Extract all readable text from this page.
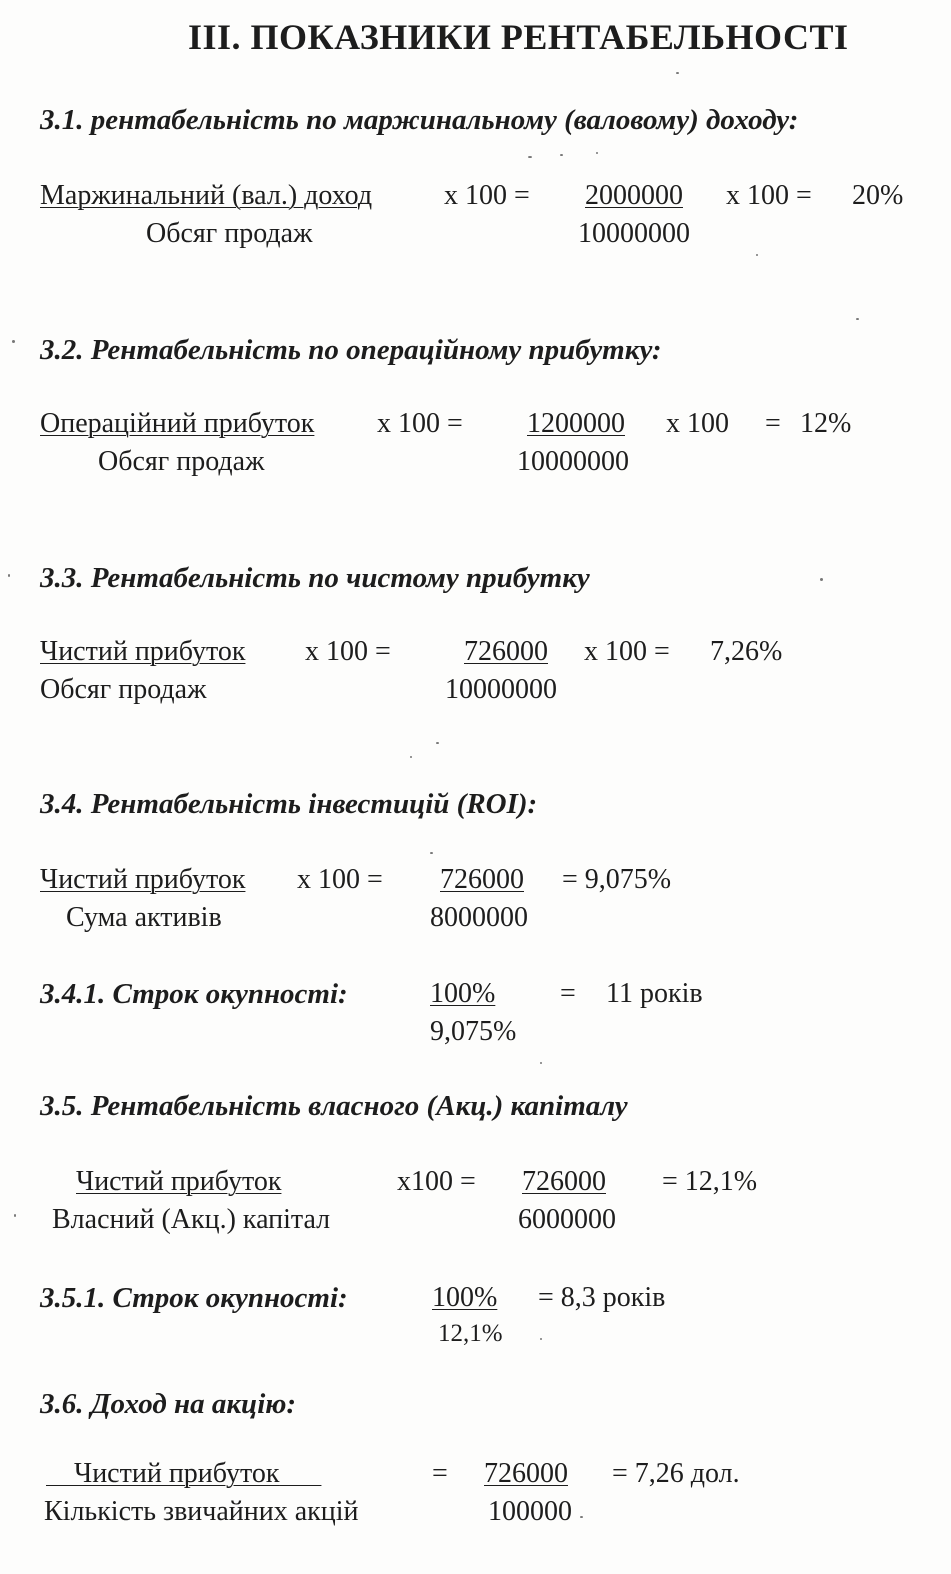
III. ПОКАЗНИКИ РЕНТАБЕЛЬНОСТІ
3.1. рентабельність по маржинальному (валовому) доходу:
Маржинальний (вал.) доход	х 100 = 2000000 х 100 = 20%
Обсяг продаж	10000000
3.2. Рентабельність по операційному прибутку:
Операційний прибуток х 100 = 1200000 х 100 = 12%
Обсяг продаж	10000000
3.3. Рентабельність по чистому прибутку
Чистий прибуток х 100 =	726000 х 100 = 7,26%
Обсяг продаж	10000000
3.4. Рентабельність інвестицій (ROI):
Чистий прибуток х 100 = 726000 = 9,075%
Сума активів	8000000
3.4.1. Строк окупності:	100% = 11 років
9,075%
3.5. Рентабельність власного (Акц.) капіталу
Чистий прибуток	х100 = 726000 = 12,1%
Власний (Акц.) капітал	6000000
3.5.1. Строк окупності:	100% = 8,3 років
12,1%
3.6. Доход на акцію:
Чистий прибуток	= 726000 = 7,26 дол.
Кількість звичайних акцій	100000
